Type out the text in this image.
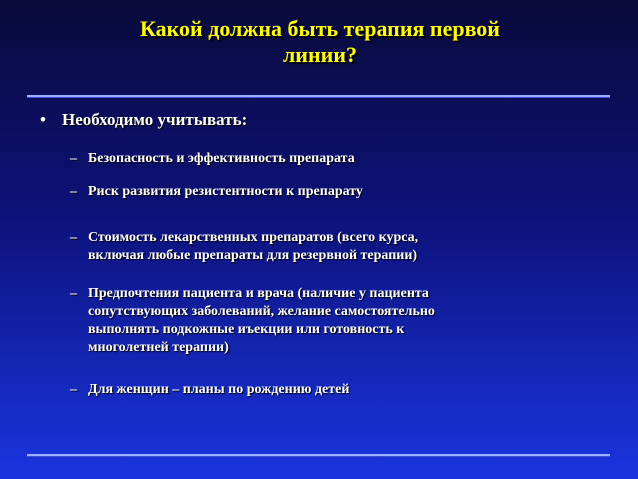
Какой должна быть терапия первой
линии?
• Необходимо учитывать:
– Безопасность и эффективность препарата
– Риск развития резистентности к препарату
– Стоимость лекарственных препаратов (всего курса,
включая любые препараты для резервной терапии)
– Предпочтения пациента и врача (наличие у пациента
сопутствующих заболеваний, желание самостоятельно
выполнять подкожные иъекции или готовность к
многолетней терапии)
– Для женщин – планы по рождению детей
